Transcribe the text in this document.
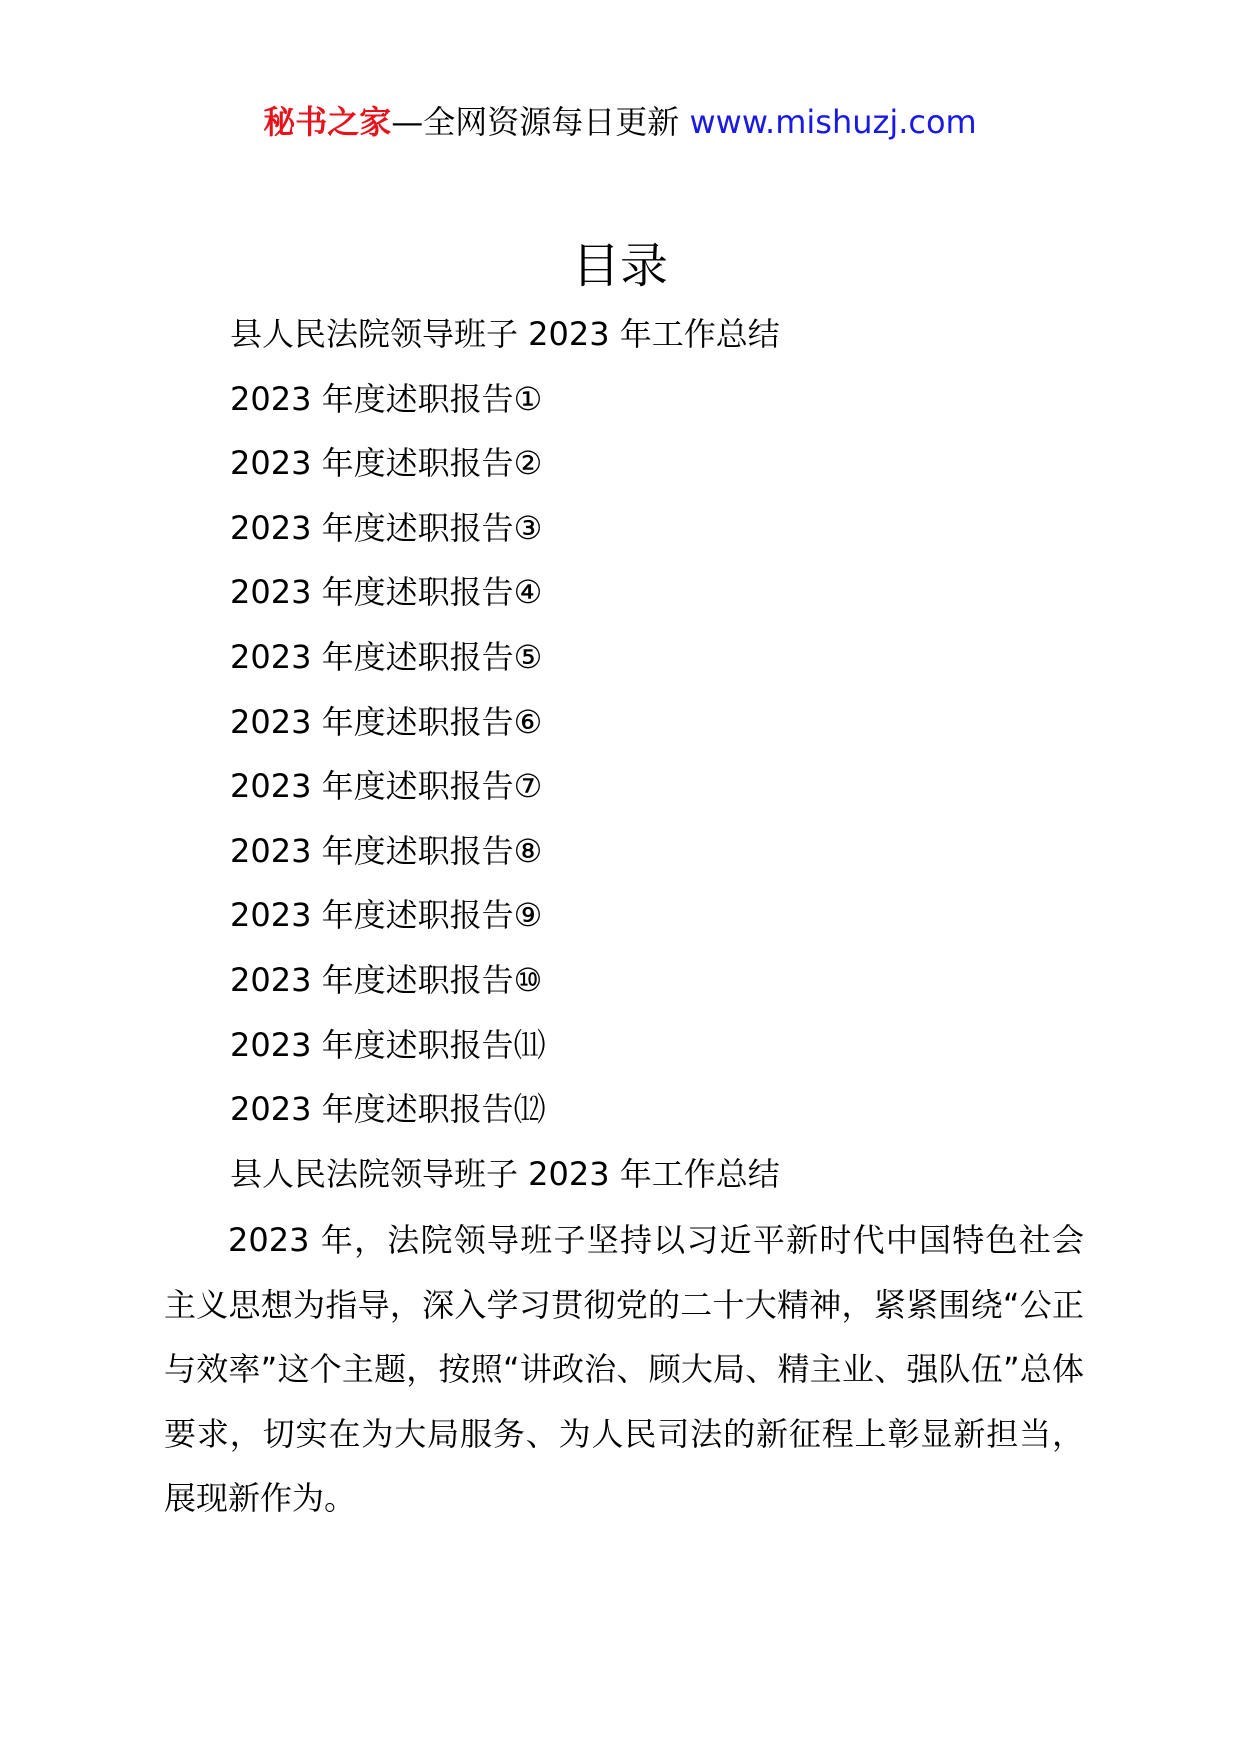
秘书之家—全网资源每日更新 www.mishuzj.com
目录
县人民法院领导班子 2023 年工作总结
2023 年度述职报告①
2023 年度述职报告②
2023 年度述职报告③
2023 年度述职报告④
2023 年度述职报告⑤
2023 年度述职报告⑥
2023 年度述职报告⑦
2023 年度述职报告⑧
2023 年度述职报告⑨
2023 年度述职报告⑩
2023 年度述职报告⑾
2023 年度述职报告⑿
县人民法院领导班子 2023 年工作总结

2023 年，法院领导班子坚持以习近平新时代中国特色社会主义思想为指导，深入学习贯彻党的二十大精神，紧紧围绕“公正与效率”这个主题，按照“讲政治、顾大局、精主业、强队伍”总体要求，切实在为大局服务、为人民司法的新征程上彰显新担当，展现新作为。
